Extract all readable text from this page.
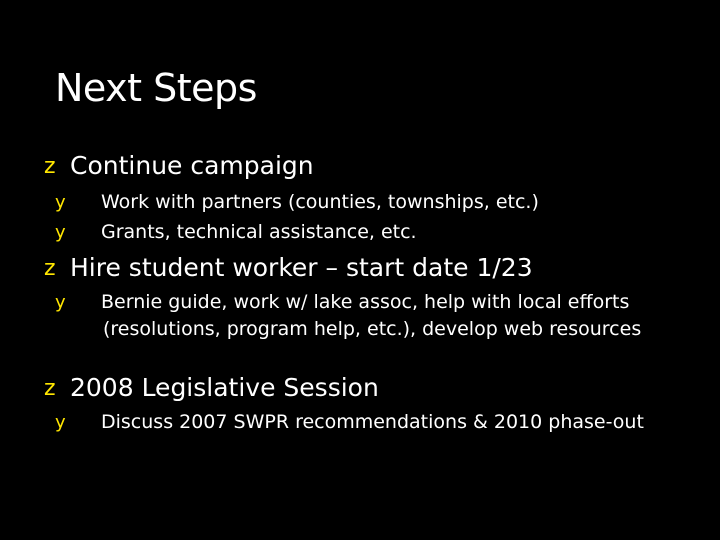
Next Steps
z Continue campaign
y Work with partners (counties, townships, etc.)
y Grants, technical assistance, etc.
z Hire student worker – start date 1/23
y Bernie guide, work w/ lake assoc, help with local efforts (resolutions, program help, etc.), develop web resources
z 2008 Legislative Session
y Discuss 2007 SWPR recommendations & 2010 phase-out
